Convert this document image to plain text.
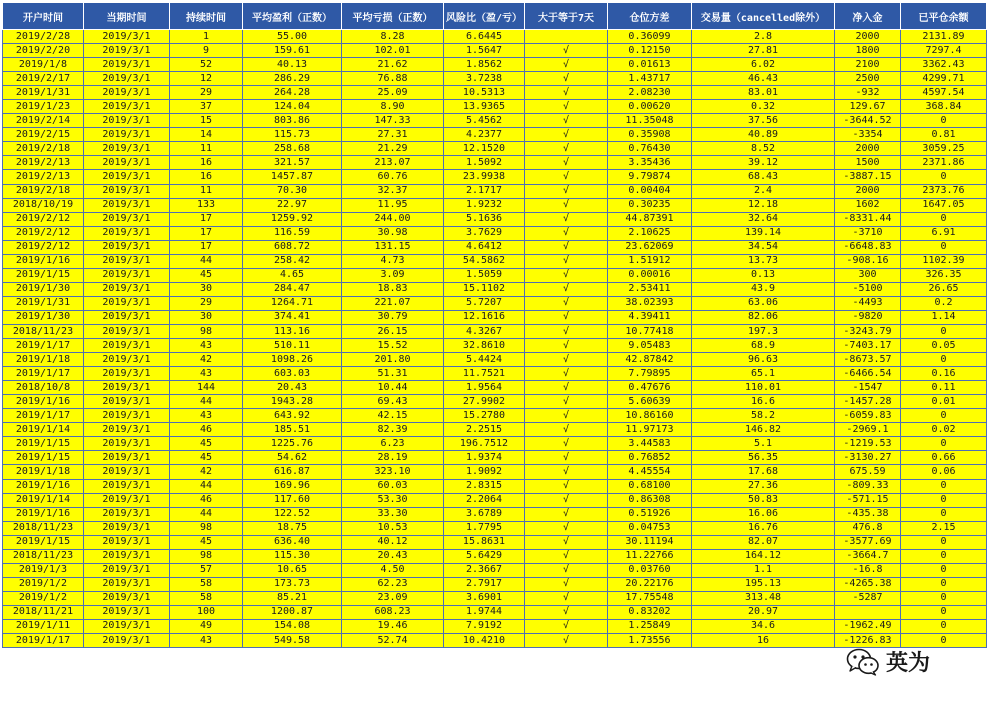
开户时间	当期时间	持续时间	平均盈利（正数）	平均亏损（正数）	风险比（盈/亏）	大于等于7天	仓位方差	交易量（cancelled除外）	净入金	已平仓余额
2019/2/28	2019/3/1	1	55.00	8.28	6.6445		0.36099	2.8	2000	2131.89
2019/2/20	2019/3/1	9	159.61	102.01	1.5647	√	0.12150	27.81	1800	7297.4
2019/1/8	2019/3/1	52	40.13	21.62	1.8562	√	0.01613	6.02	2100	3362.43
2019/2/17	2019/3/1	12	286.29	76.88	3.7238	√	1.43717	46.43	2500	4299.71
2019/1/31	2019/3/1	29	264.28	25.09	10.5313	√	2.08230	83.01	-932	4597.54
2019/1/23	2019/3/1	37	124.04	8.90	13.9365	√	0.00620	0.32	129.67	368.84
2019/2/14	2019/3/1	15	803.86	147.33	5.4562	√	11.35048	37.56	-3644.52	0
2019/2/15	2019/3/1	14	115.73	27.31	4.2377	√	0.35908	40.89	-3354	0.81
2019/2/18	2019/3/1	11	258.68	21.29	12.1520	√	0.76430	8.52	2000	3059.25
2019/2/13	2019/3/1	16	321.57	213.07	1.5092	√	3.35436	39.12	1500	2371.86
2019/2/13	2019/3/1	16	1457.87	60.76	23.9938	√	9.79874	68.43	-3887.15	0
2019/2/18	2019/3/1	11	70.30	32.37	2.1717	√	0.00404	2.4	2000	2373.76
2018/10/19	2019/3/1	133	22.97	11.95	1.9232	√	0.30235	12.18	1602	1647.05
2019/2/12	2019/3/1	17	1259.92	244.00	5.1636	√	44.87391	32.64	-8331.44	0
2019/2/12	2019/3/1	17	116.59	30.98	3.7629	√	2.10625	139.14	-3710	6.91
2019/2/12	2019/3/1	17	608.72	131.15	4.6412	√	23.62069	34.54	-6648.83	0
2019/1/16	2019/3/1	44	258.42	4.73	54.5862	√	1.51912	13.73	-908.16	1102.39
2019/1/15	2019/3/1	45	4.65	3.09	1.5059	√	0.00016	0.13	300	326.35
2019/1/30	2019/3/1	30	284.47	18.83	15.1102	√	2.53411	43.9	-5100	26.65
2019/1/31	2019/3/1	29	1264.71	221.07	5.7207	√	38.02393	63.06	-4493	0.2
2019/1/30	2019/3/1	30	374.41	30.79	12.1616	√	4.39411	82.06	-9820	1.14
2018/11/23	2019/3/1	98	113.16	26.15	4.3267	√	10.77418	197.3	-3243.79	0
2019/1/17	2019/3/1	43	510.11	15.52	32.8610	√	9.05483	68.9	-7403.17	0.05
2019/1/18	2019/3/1	42	1098.26	201.80	5.4424	√	42.87842	96.63	-8673.57	0
2019/1/17	2019/3/1	43	603.03	51.31	11.7521	√	7.79895	65.1	-6466.54	0.16
2018/10/8	2019/3/1	144	20.43	10.44	1.9564	√	0.47676	110.01	-1547	0.11
2019/1/16	2019/3/1	44	1943.28	69.43	27.9902	√	5.60639	16.6	-1457.28	0.01
2019/1/17	2019/3/1	43	643.92	42.15	15.2780	√	10.86160	58.2	-6059.83	0
2019/1/14	2019/3/1	46	185.51	82.39	2.2515	√	11.97173	146.82	-2969.1	0.02
2019/1/15	2019/3/1	45	1225.76	6.23	196.7512	√	3.44583	5.1	-1219.53	0
2019/1/15	2019/3/1	45	54.62	28.19	1.9374	√	0.76852	56.35	-3130.27	0.66
2019/1/18	2019/3/1	42	616.87	323.10	1.9092	√	4.45554	17.68	675.59	0.06
2019/1/16	2019/3/1	44	169.96	60.03	2.8315	√	0.68100	27.36	-809.33	0
2019/1/14	2019/3/1	46	117.60	53.30	2.2064	√	0.86308	50.83	-571.15	0
2019/1/16	2019/3/1	44	122.52	33.30	3.6789	√	0.51926	16.06	-435.38	0
2018/11/23	2019/3/1	98	18.75	10.53	1.7795	√	0.04753	16.76	476.8	2.15
2019/1/15	2019/3/1	45	636.40	40.12	15.8631	√	30.11194	82.07	-3577.69	0
2018/11/23	2019/3/1	98	115.30	20.43	5.6429	√	11.22766	164.12	-3664.7	0
2019/1/3	2019/3/1	57	10.65	4.50	2.3667	√	0.03760	1.1	-16.8	0
2019/1/2	2019/3/1	58	173.73	62.23	2.7917	√	20.22176	195.13	-4265.38	0
2019/1/2	2019/3/1	58	85.21	23.09	3.6901	√	17.75548	313.48	-5287	0
2018/11/21	2019/3/1	100	1200.87	608.23	1.9744	√	0.83202	20.97		0
2019/1/11	2019/3/1	49	154.08	19.46	7.9192	√	1.25849	34.6	-1962.49	0
2019/1/17	2019/3/1	43	549.58	52.74	10.4210	√	1.73556	16	-1226.83	0
英为
